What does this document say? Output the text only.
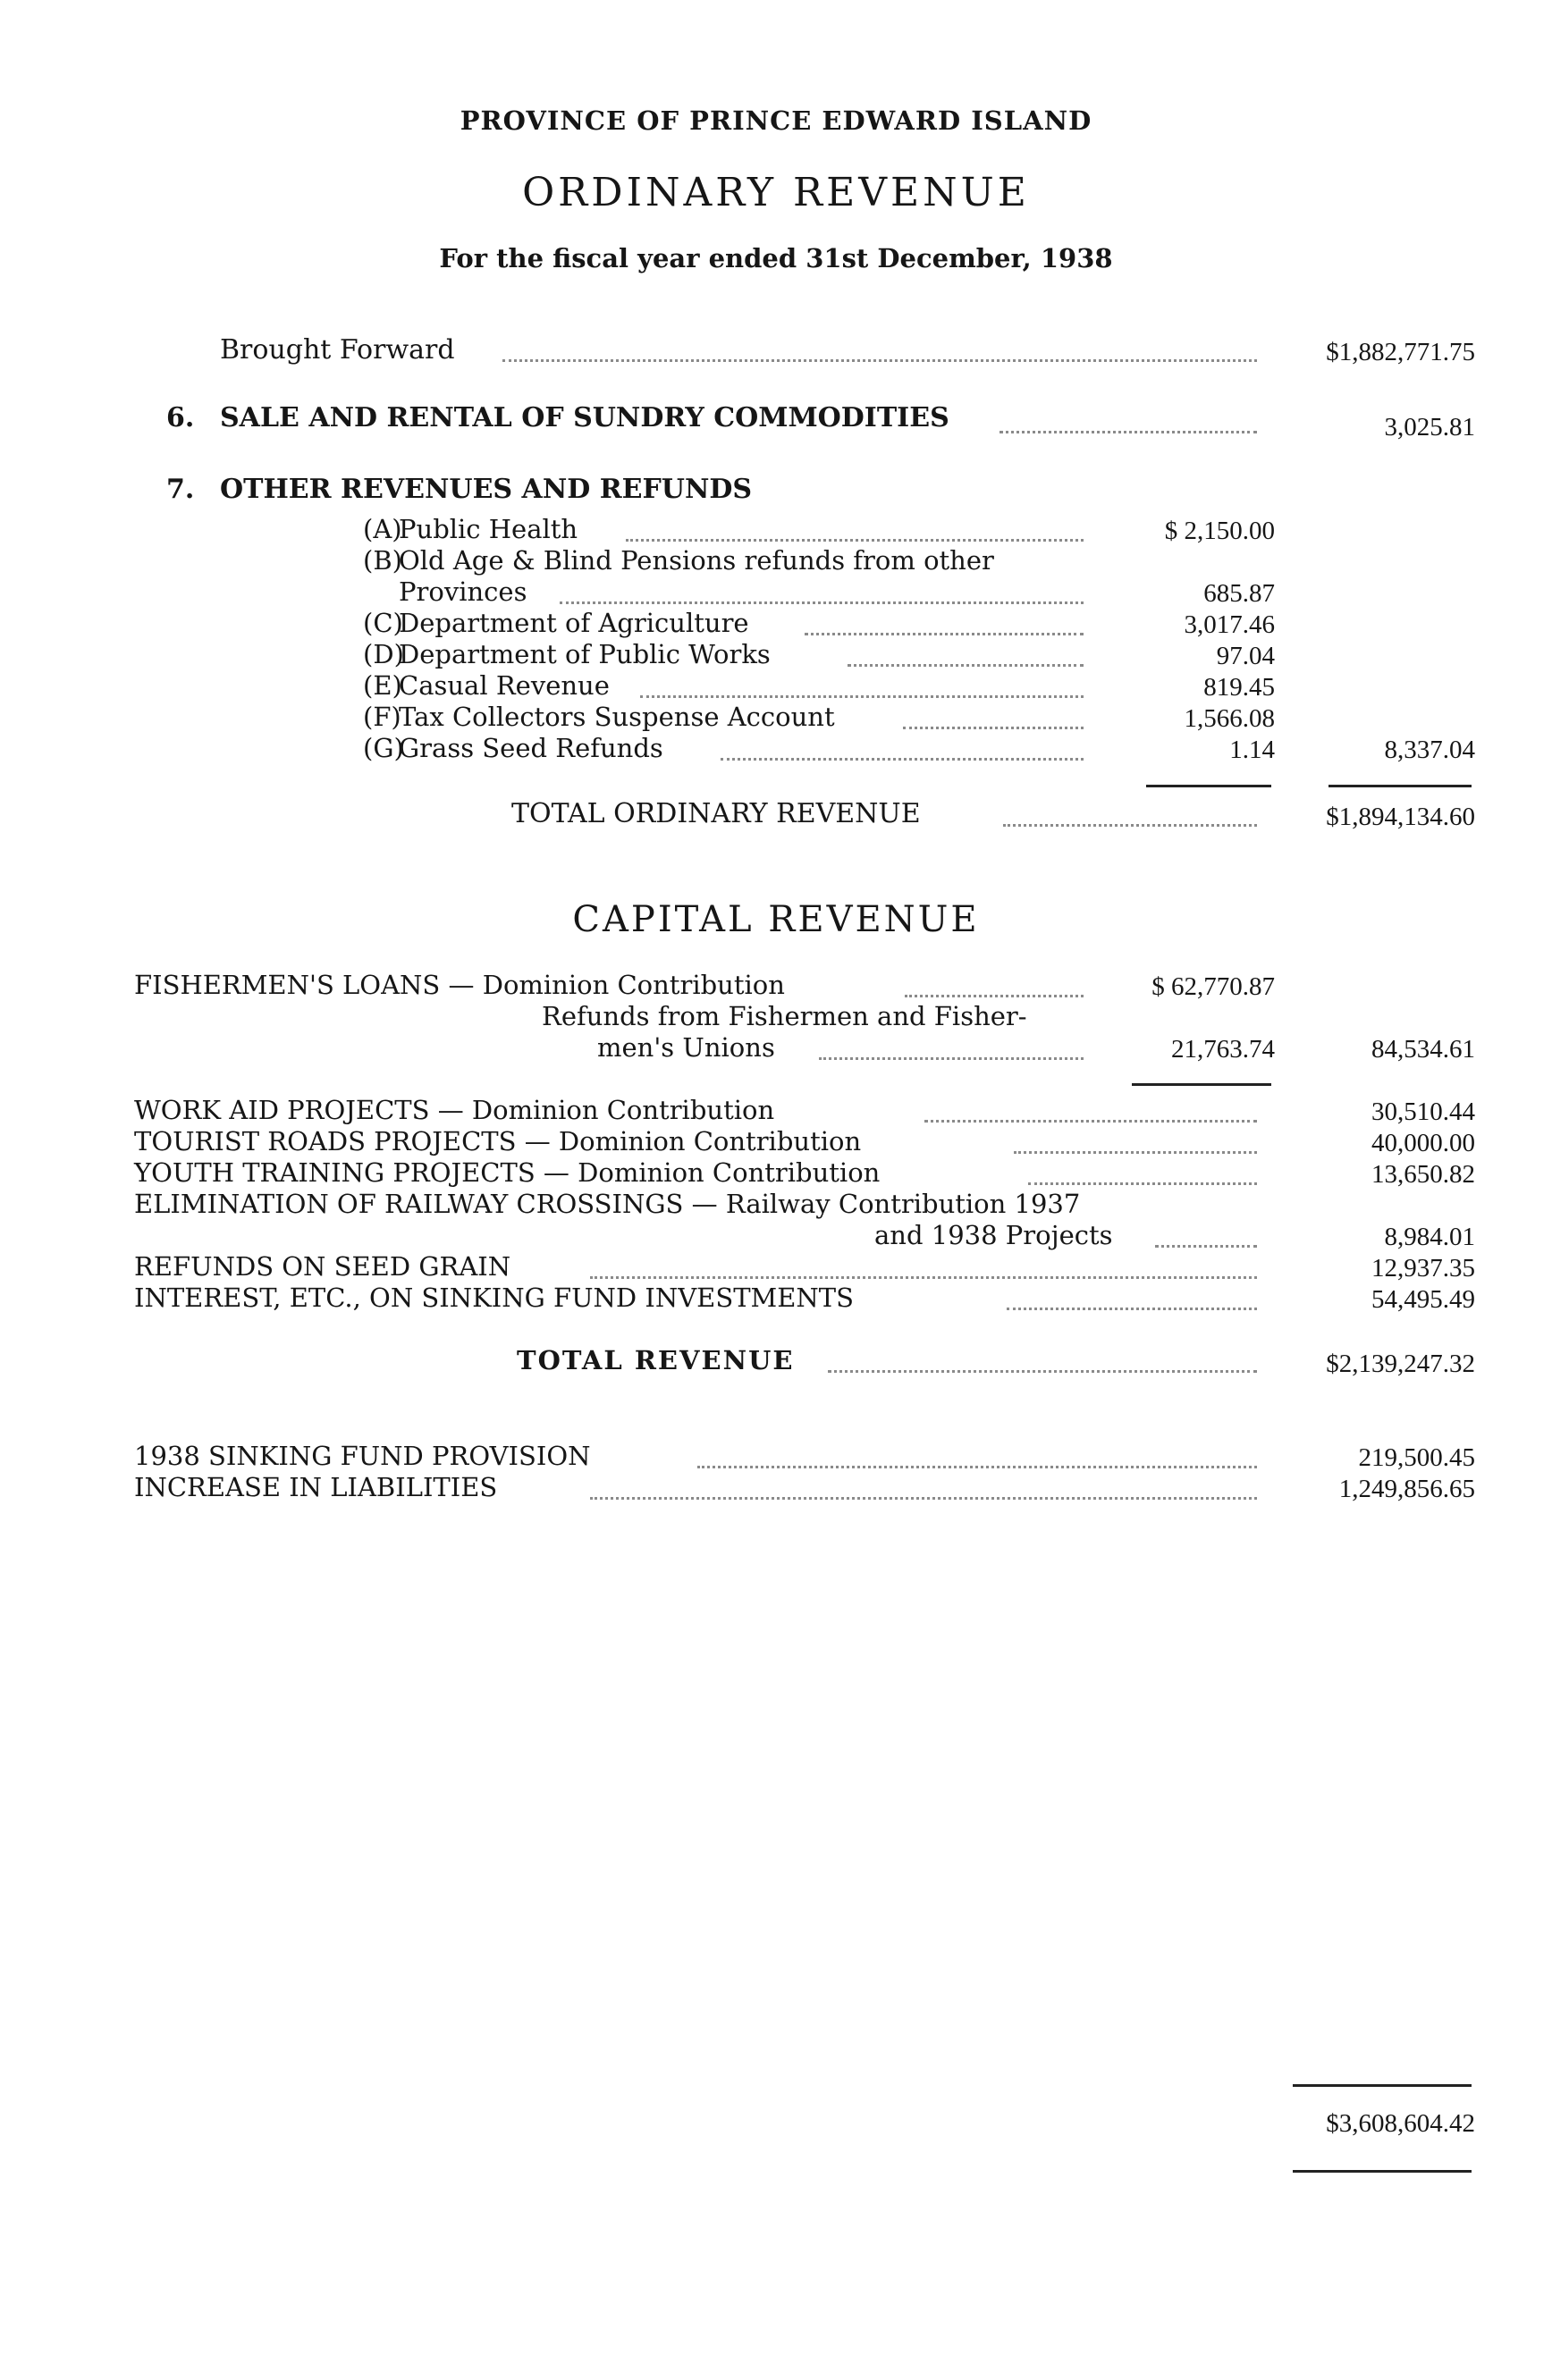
PROVINCE OF PRINCE EDWARD ISLAND
ORDINARY REVENUE
For the fiscal year ended 31st December, 1938
Brought Forward	$1,882,771.75
6. SALE AND RENTAL OF SUNDRY COMMODITIES	3,025.81
7. OTHER REVENUES AND REFUNDS
(A)
Public Health	$ 2,150.00
(B)
Old Age & Blind Pensions refunds from other
Provinces	685.87
(C)
Department of Agriculture	3,017.46
(D)
Department of Public Works	97.04
(E)
Casual Revenue	819.45
(F)
Tax Collectors Suspense Account	1,566.08
(G)
Grass Seed Refunds	1.14	8,337.04
TOTAL ORDINARY REVENUE	$1,894,134.60
CAPITAL REVENUE
FISHERMEN'S LOANS — Dominion Contribution	$ 62,770.87
Refunds from Fishermen and Fisher-
men's Unions	21,763.74	84,534.61
WORK AID PROJECTS — Dominion Contribution	30,510.44
TOURIST ROADS PROJECTS — Dominion Contribution	40,000.00
YOUTH TRAINING PROJECTS — Dominion Contribution	13,650.82
ELIMINATION OF RAILWAY CROSSINGS — Railway Contribution 1937
and 1938 Projects	8,984.01
REFUNDS ON SEED GRAIN	12,937.35
INTEREST, ETC., ON SINKING FUND INVESTMENTS	54,495.49
TOTAL REVENUE	$2,139,247.32
1938 SINKING FUND PROVISION	219,500.45
INCREASE IN LIABILITIES	1,249,856.65
$3,608,604.42
